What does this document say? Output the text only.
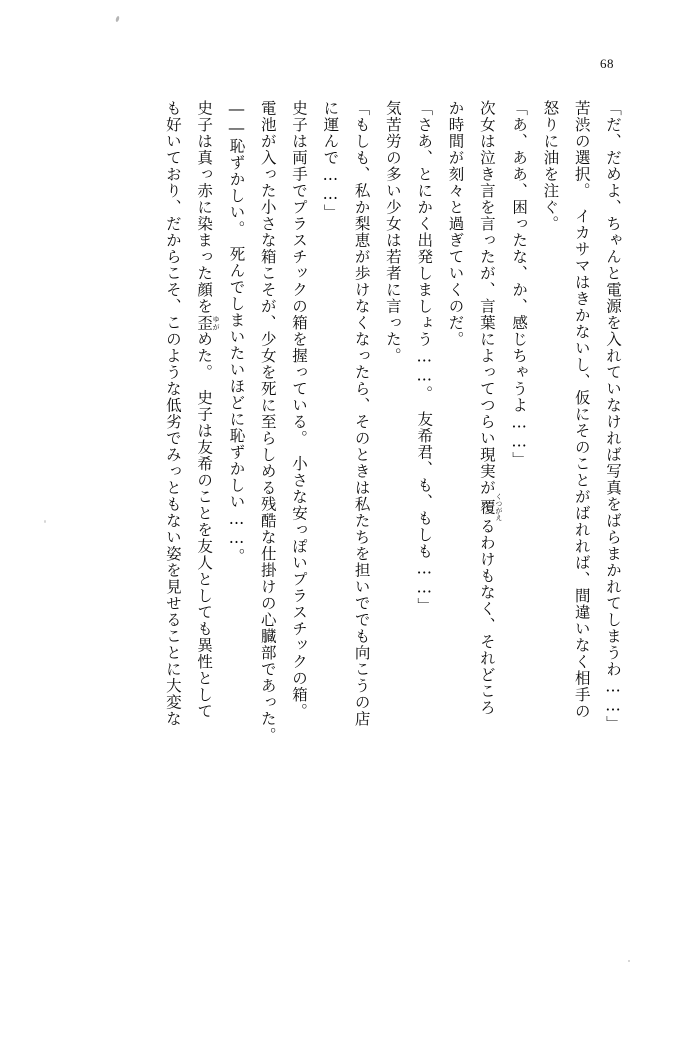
68

「だ、だめよ、ちゃんと電源を入れていなければ写真をばらまかれてしまうわ……」

苦渋の選択。　イカサマはきかないし、仮にそのことがばれれば、間違いなく相手の

怒りに油を注ぐ。

「あ、ああ、困ったな、か、感じちゃうよ……」

次女は泣き言を言ったが、言葉によってつらい現実が覆 くつがえるわけもなく、それどころ

か時間が刻々と過ぎていくのだ。

「さあ、とにかく出発しましょう……。　友希君、も、もしも……」

気苦労の多い少女は若者に言った。

「もしも、私か梨恵が歩けなくなったら、そのときは私たちを担いででも向こうの店

に運んで……」

史子は両手でプラスチックの箱を握っている。　小さな安っぽいプラスチックの箱。

電池が入った小さな箱こそが、少女を死に至らしめる残酷な仕掛けの心臓部であった。

――恥ずかしい。　死んでしまいたいほどに恥ずかしい……。

史子は真っ赤に染まった顔を歪 ゆがめた。　史子は友希のことを友人としても異性として

も好いており、だからこそ、このような低劣でみっともない姿を見せることに大変な
